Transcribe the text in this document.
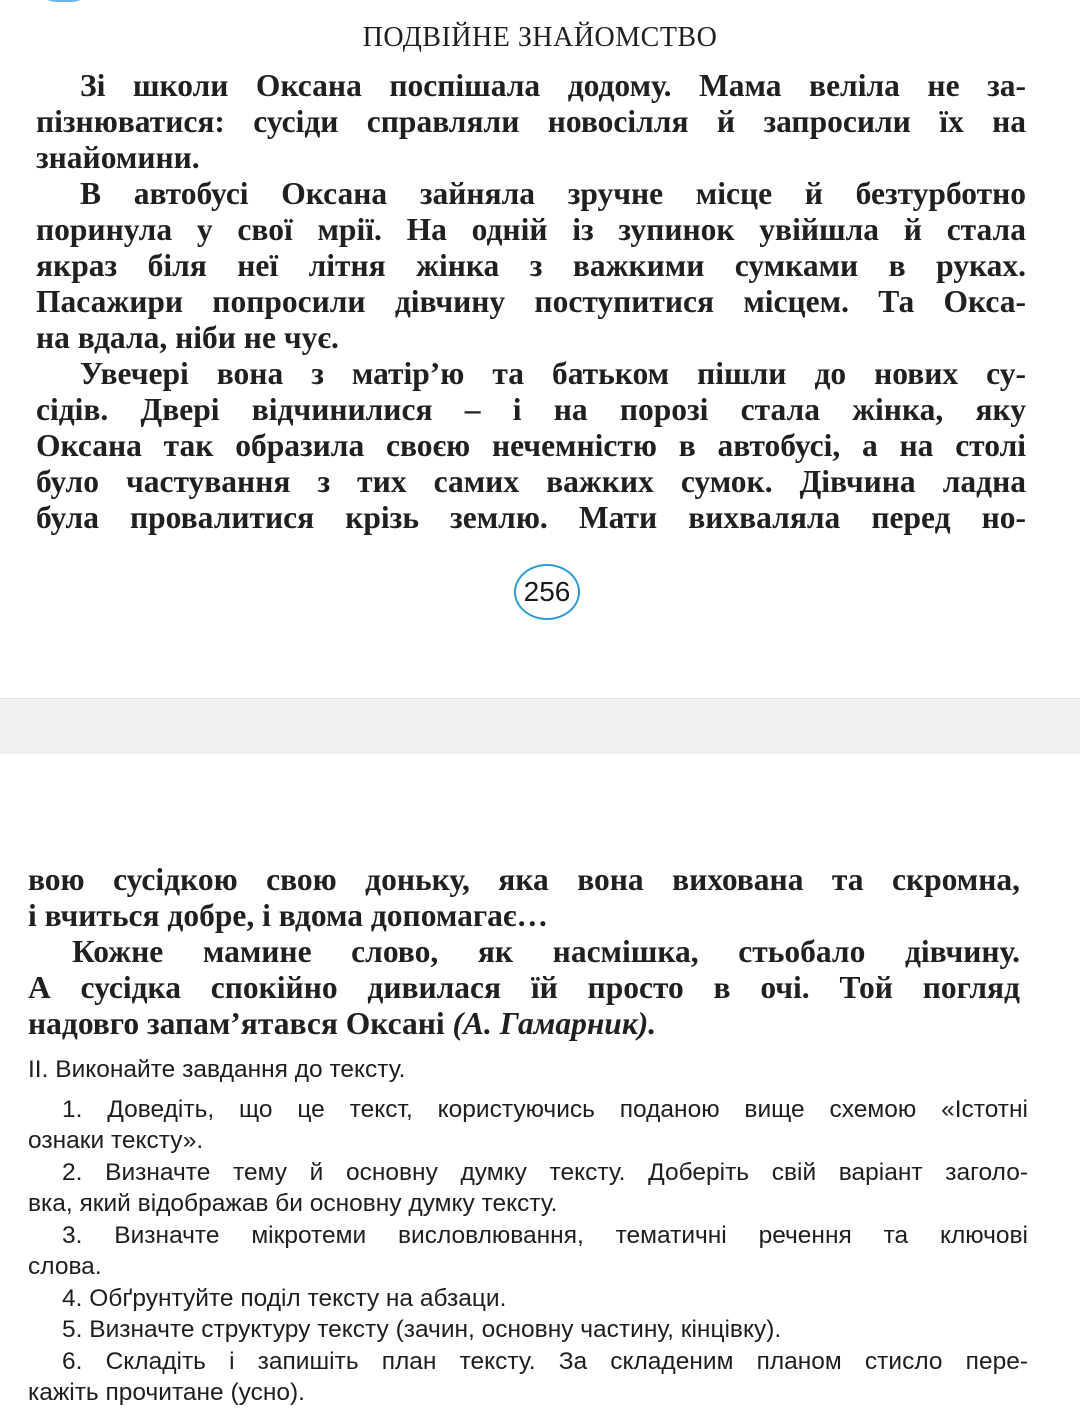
ПОДВІЙНЕ ЗНАЙОМСТВО
Зі школи Оксана поспішала додому. Мама веліла не за-
пізнюватися: сусіди справляли новосілля й запросили їх на
знайомини.
В автобусі Оксана зайняла зручне місце й безтурботно
поринула у свої мрії. На одній із зупинок увійшла й стала
якраз біля неї літня жінка з важкими сумками в руках.
Пасажири попросили дівчину поступитися місцем. Та Окса-
на вдала, ніби не чує.
Увечері вона з матір’ю та батьком пішли до нових су-
сідів. Двері відчинилися – і на порозі стала жінка, яку
Оксана так образила своєю нечемністю в автобусі, а на столі
було частування з тих самих важких сумок. Дівчина ладна
була провалитися крізь землю. Мати вихваляла перед но-
256
вою сусідкою свою доньку, яка вона вихована та скромна,
і вчиться добре, і вдома допомагає…
Кожне мамине слово, як насмішка, стьобало дівчину.
А сусідка спокійно дивилася їй просто в очі. Той погляд
надовго запам’ятався Оксані (А. Гамарник).
II. Виконайте завдання до тексту.
1. Доведіть, що це текст, користуючись поданою вище схемою «Істотні
ознаки тексту».
2. Визначте тему й основну думку тексту. Доберіть свій варіант заголо-
вка, який відображав би основну думку тексту.
3. Визначте мікротеми висловлювання, тематичні речення та ключові
слова.
4. Обґрунтуйте поділ тексту на абзаци.
5. Визначте структуру тексту (зачин, основну частину, кінцівку).
6. Складіть і запишіть план тексту. За складеним планом стисло пере-
кажіть прочитане (усно).
